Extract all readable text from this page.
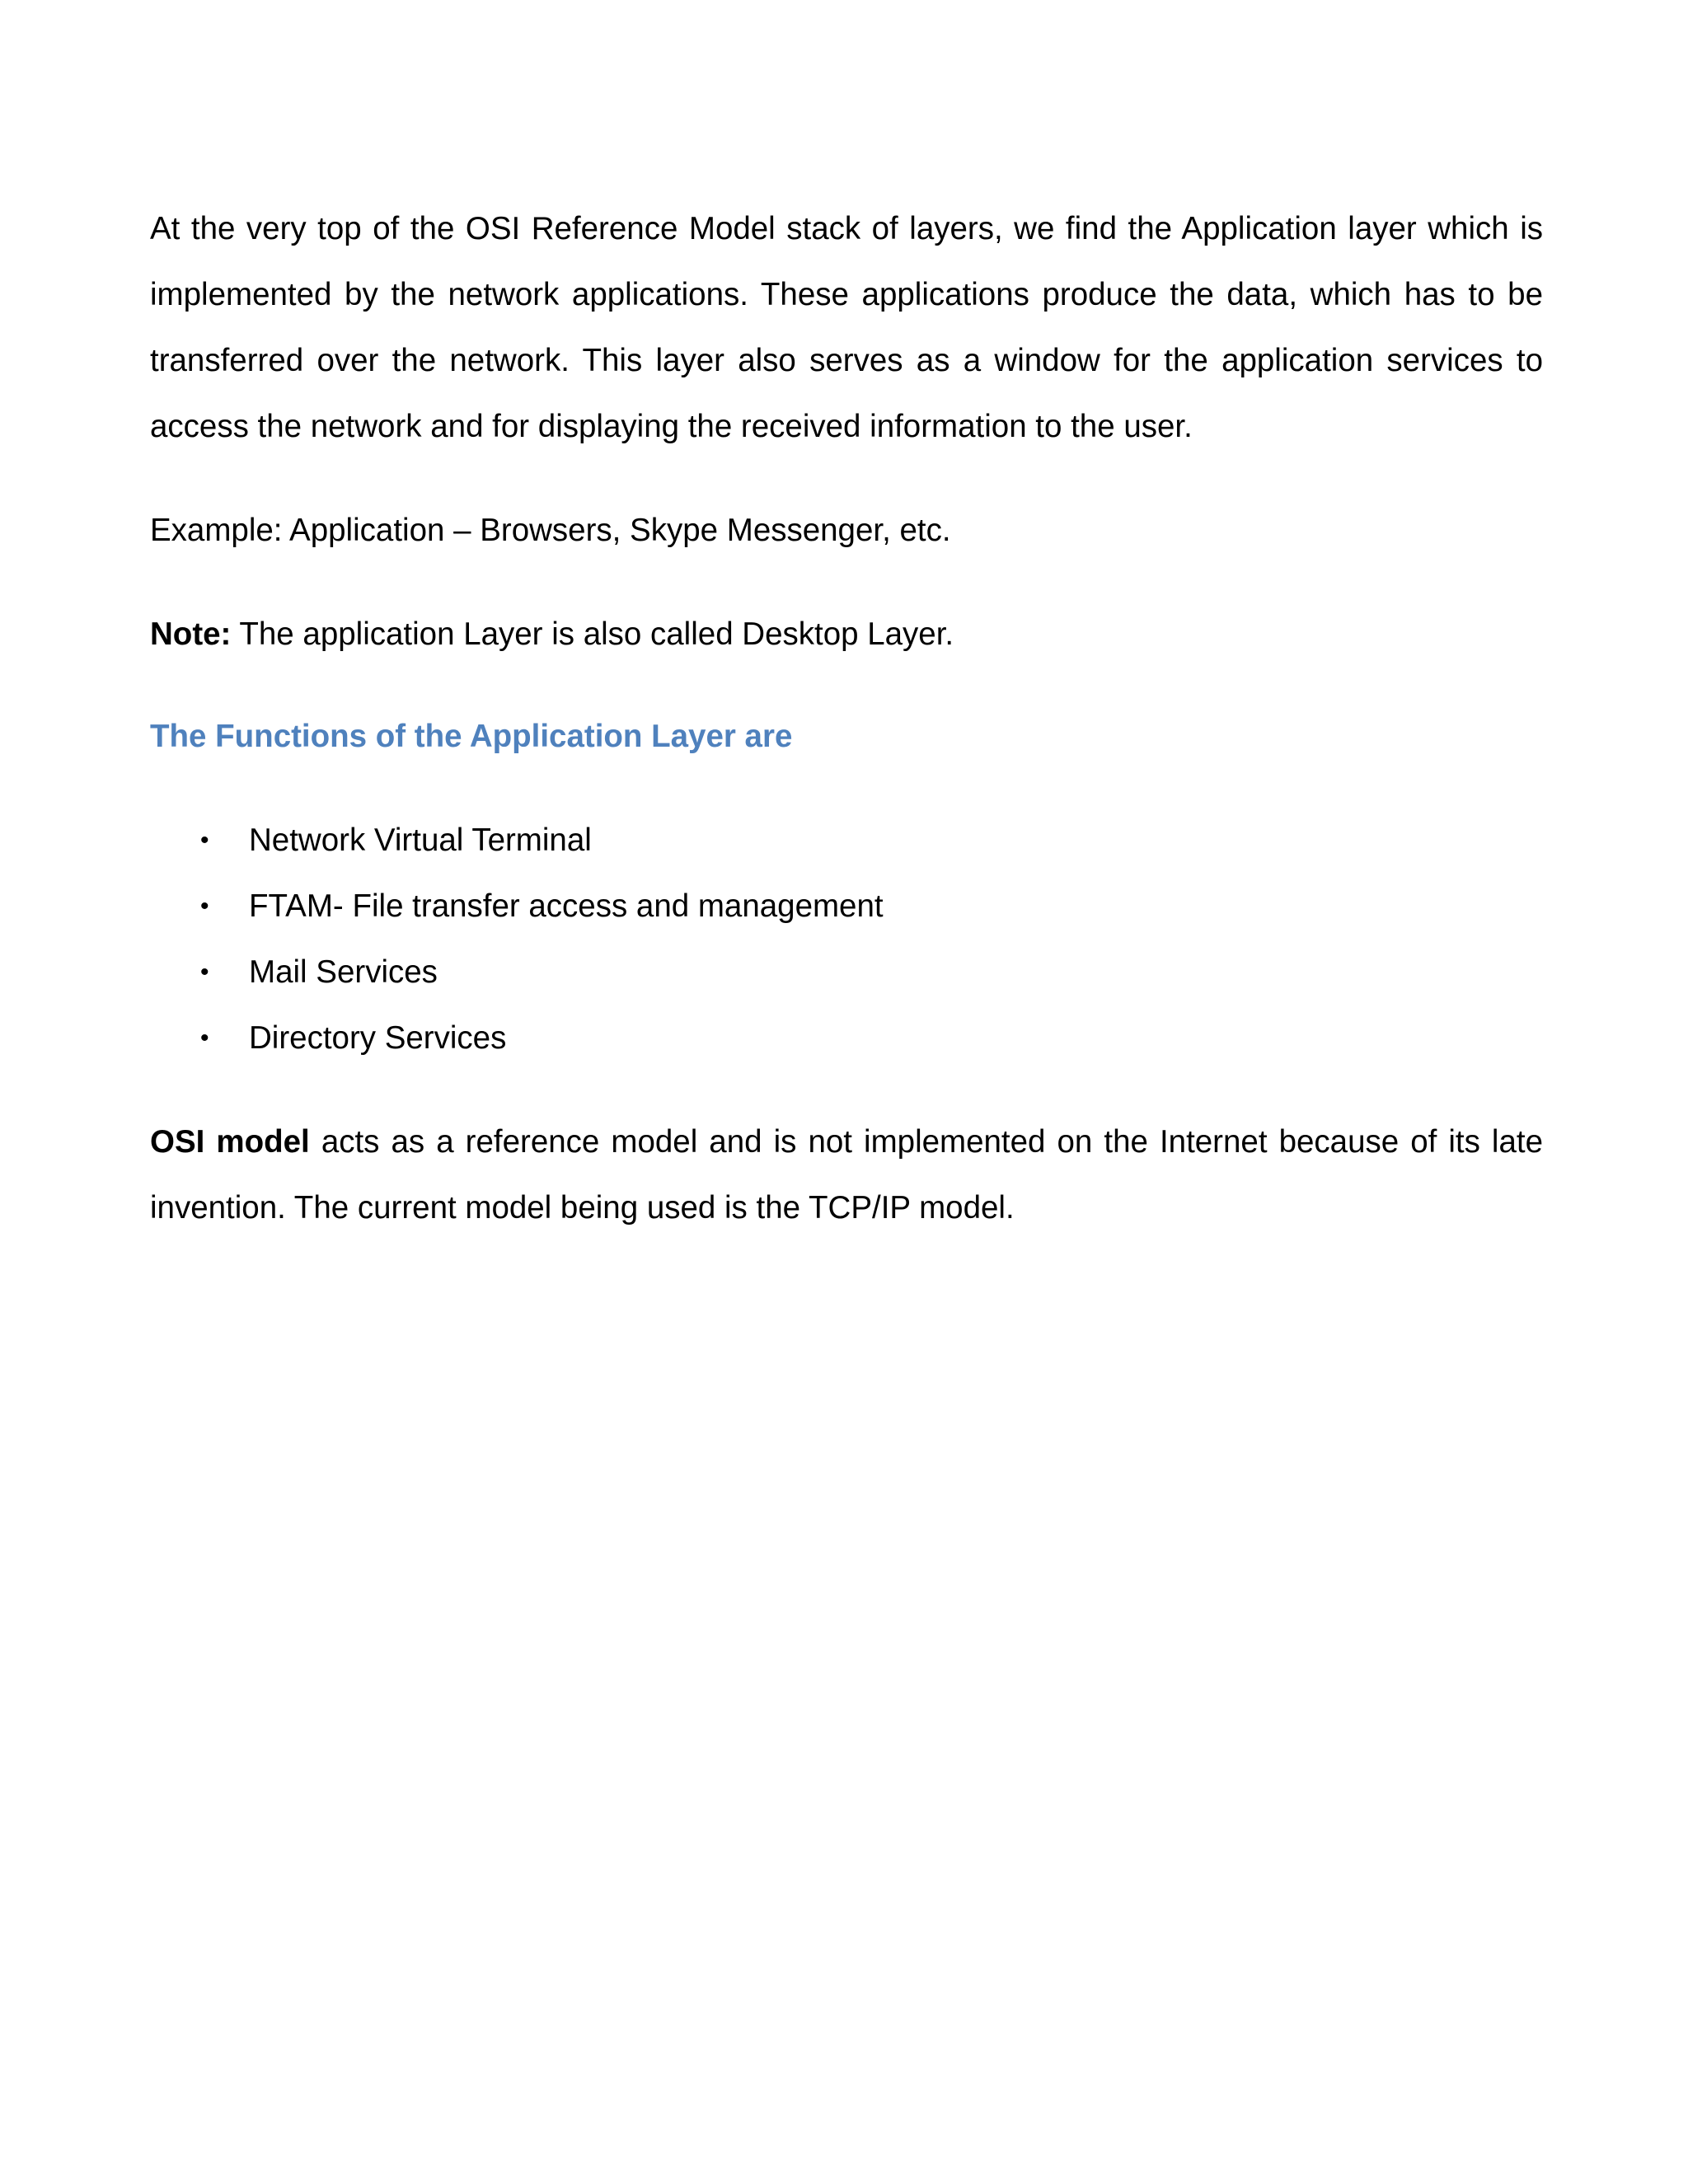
At the very top of the OSI Reference Model stack of layers, we find the Application layer which is implemented by the network applications. These applications produce the data, which has to be transferred over the network. This layer also serves as a window for the application services to access the network and for displaying the received information to the user.

Example: Application – Browsers, Skype Messenger, etc.

Note: The application Layer is also called Desktop Layer.

The Functions of the Application Layer are
• Network Virtual Terminal
• FTAM- File transfer access and management
• Mail Services
• Directory Services

OSI model acts as a reference model and is not implemented on the Internet because of its late invention. The current model being used is the TCP/IP model.
